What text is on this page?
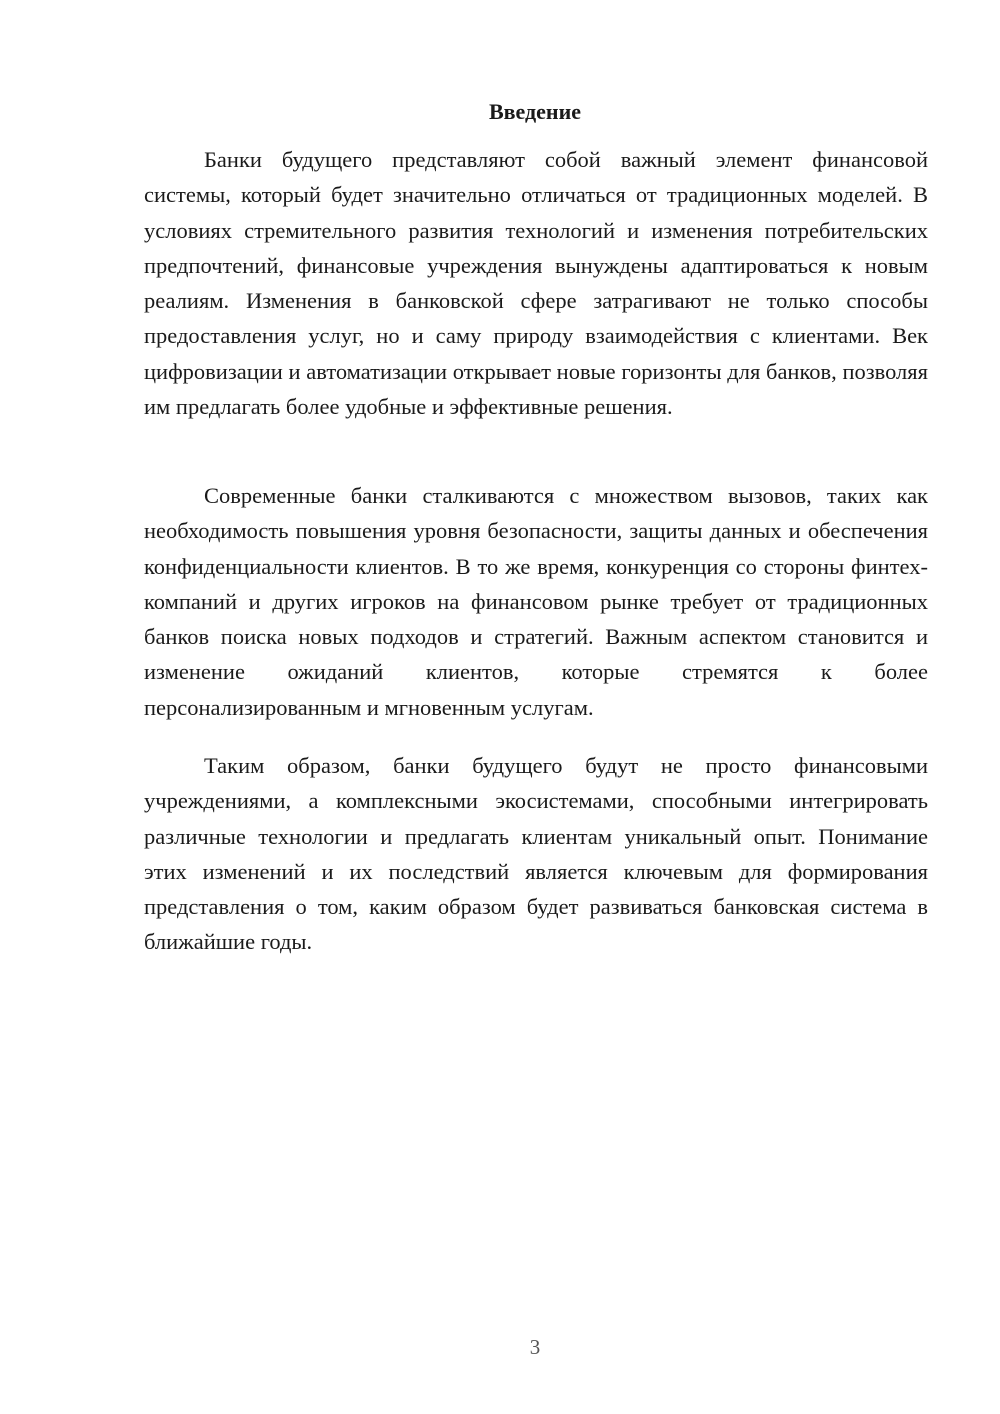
Введение

Банки будущего представляют собой важный элемент финансовой системы, который будет значительно отличаться от традиционных моделей. В условиях стремительного развития технологий и изменения потребительских предпочтений, финансовые учреждения вынуждены адаптироваться к новым реалиям. Изменения в банковской сфере затрагивают не только способы предоставления услуг, но и саму природу взаимодействия с клиентами. Век цифровизации и автоматизации открывает новые горизонты для банков, позволяя им предлагать более удобные и эффективные решения.

Современные банки сталкиваются с множеством вызовов, таких как необходимость повышения уровня безопасности, защиты данных и обеспечения конфиденциальности клиентов. В то же время, конкуренция со стороны финтех-компаний и других игроков на финансовом рынке требует от традиционных банков поиска новых подходов и стратегий. Важным аспектом становится и изменение ожиданий клиентов, которые стремятся к более персонализированным и мгновенным услугам.

Таким образом, банки будущего будут не просто финансовыми учреждениями, а комплексными экосистемами, способными интегрировать различные технологии и предлагать клиентам уникальный опыт. Понимание этих изменений и их последствий является ключевым для формирования представления о том, каким образом будет развиваться банковская система в ближайшие годы.

3
